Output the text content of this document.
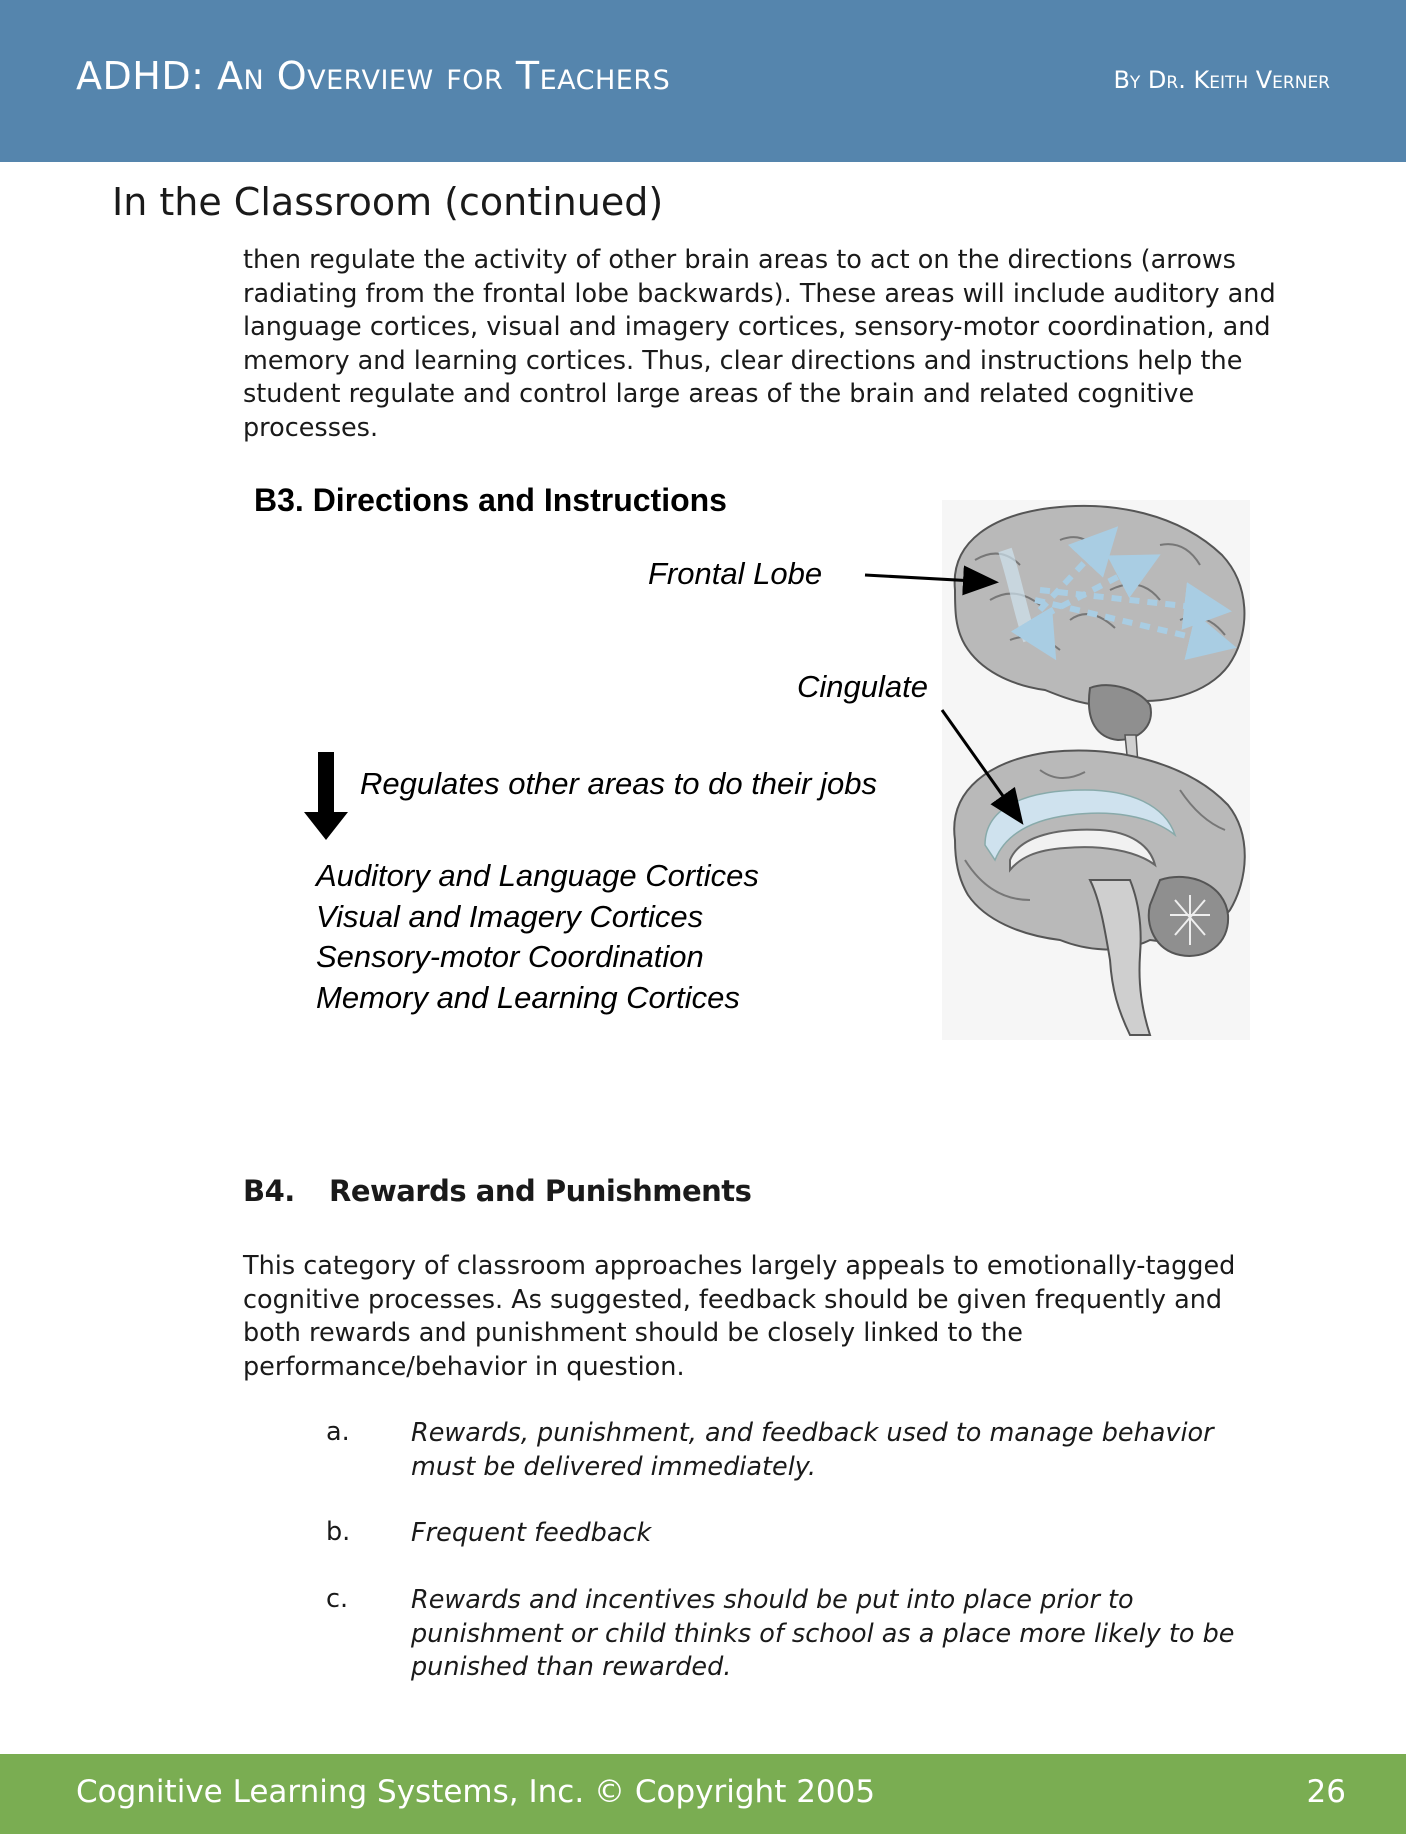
ADHD: An Overview for Teachers	By Dr. Keith Verner
In the Classroom (continued)
then regulate the activity of other brain areas to act on the directions (arrows radiating from the frontal lobe backwards). These areas will include auditory and language cortices, visual and imagery cortices, sensory-motor coordination, and memory and learning cortices. Thus, clear directions and instructions help the student regulate and control large areas of the brain and related cognitive processes.
B3. Directions and Instructions
Frontal Lobe
Cingulate
Regulates other areas to do their jobs
Auditory and Language Cortices
Visual and Imagery Cortices
Sensory-motor Coordination
Memory and Learning Cortices
B4. Rewards and Punishments
This category of classroom approaches largely appeals to emotionally-tagged cognitive processes. As suggested, feedback should be given frequently and both rewards and punishment should be closely linked to the performance/behavior in question.
a. Rewards, punishment, and feedback used to manage behavior must be delivered immediately.
b. Frequent feedback
c. Rewards and incentives should be put into place prior to punishment or child thinks of school as a place more likely to be punished than rewarded.
Cognitive Learning Systems, Inc. © Copyright 2005	26
